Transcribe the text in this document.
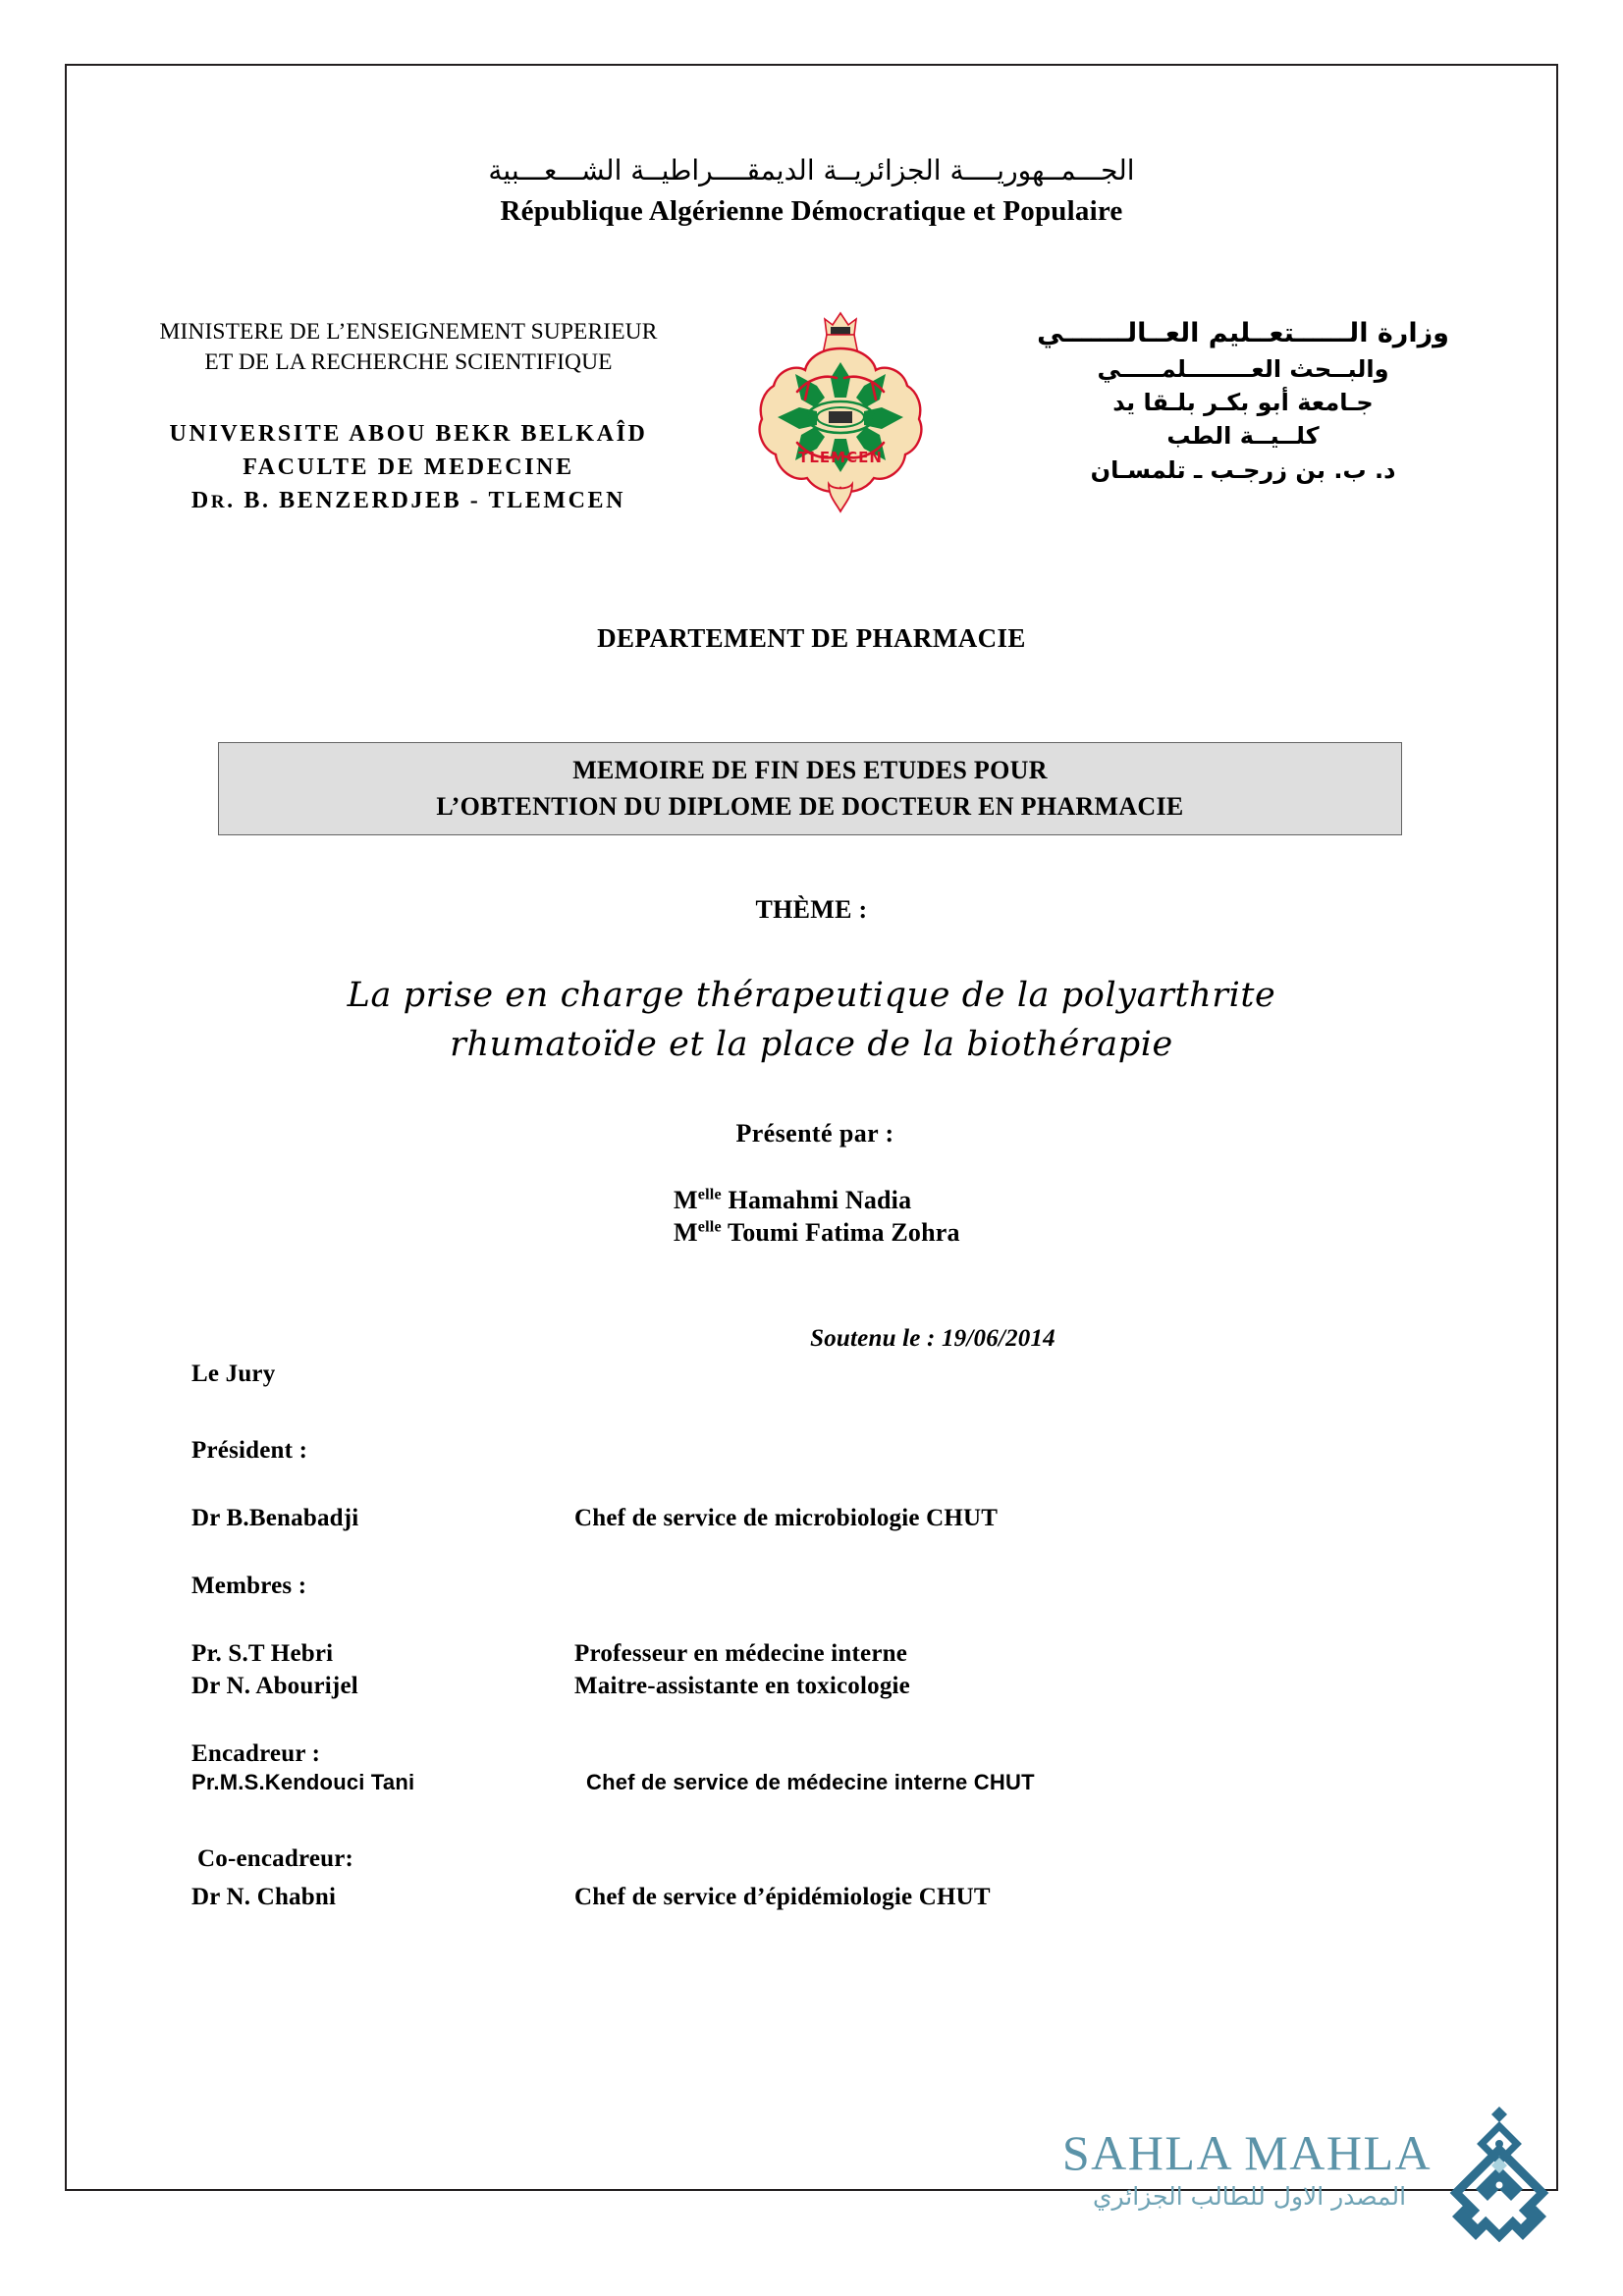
الجـــمــهوريــــة الجزائريــة الديمقــــراطيــة الشـــعـــبية
République Algérienne Démocratique et Populaire
MINISTERE DE L’ENSEIGNEMENT SUPERIEUR
ET DE LA RECHERCHE SCIENTIFIQUE
UNIVERSITE ABOU BEKR BELKAÎD
FACULTE DE MEDECINE
DR. B. BENZERDJEB - TLEMCEN
TLEMCEN
وزارة الــــــتعــليم العــالـــــــي
والبــحث العــــــــلمـــــي
جـامعة أبو بكـر بلـقا يد
كلــيــة الطب
د. ب. بن زرجـب ـ تلمسـان
DEPARTEMENT DE PHARMACIE
MEMOIRE DE FIN DES ETUDES POUR
L’OBTENTION DU DIPLOME DE DOCTEUR EN PHARMACIE
THÈME :
La prise en charge thérapeutique de la polyarthrite
rhumatoïde et la place de la biothérapie
Présenté par :
$M^{elle}$ Hamahmi Nadia
$M^{elle}$ Toumi Fatima Zohra
Soutenu le : 19/06/2014
Le Jury
Président :
Dr B.Benabadji	Chef de service de microbiologie CHUT
Membres :
Pr. S.T Hebri	Professeur en médecine interne
Dr N. Abourijel	Maitre-assistante en toxicologie
Encadreur :
Pr.M.S.Kendouci Tani	Chef de service de médecine interne CHUT
Co-encadreur:
Dr N. Chabni	Chef de service d’épidémiologie CHUT
SAHLA MAHLA
المصدر الاول للطالب الجزائري
